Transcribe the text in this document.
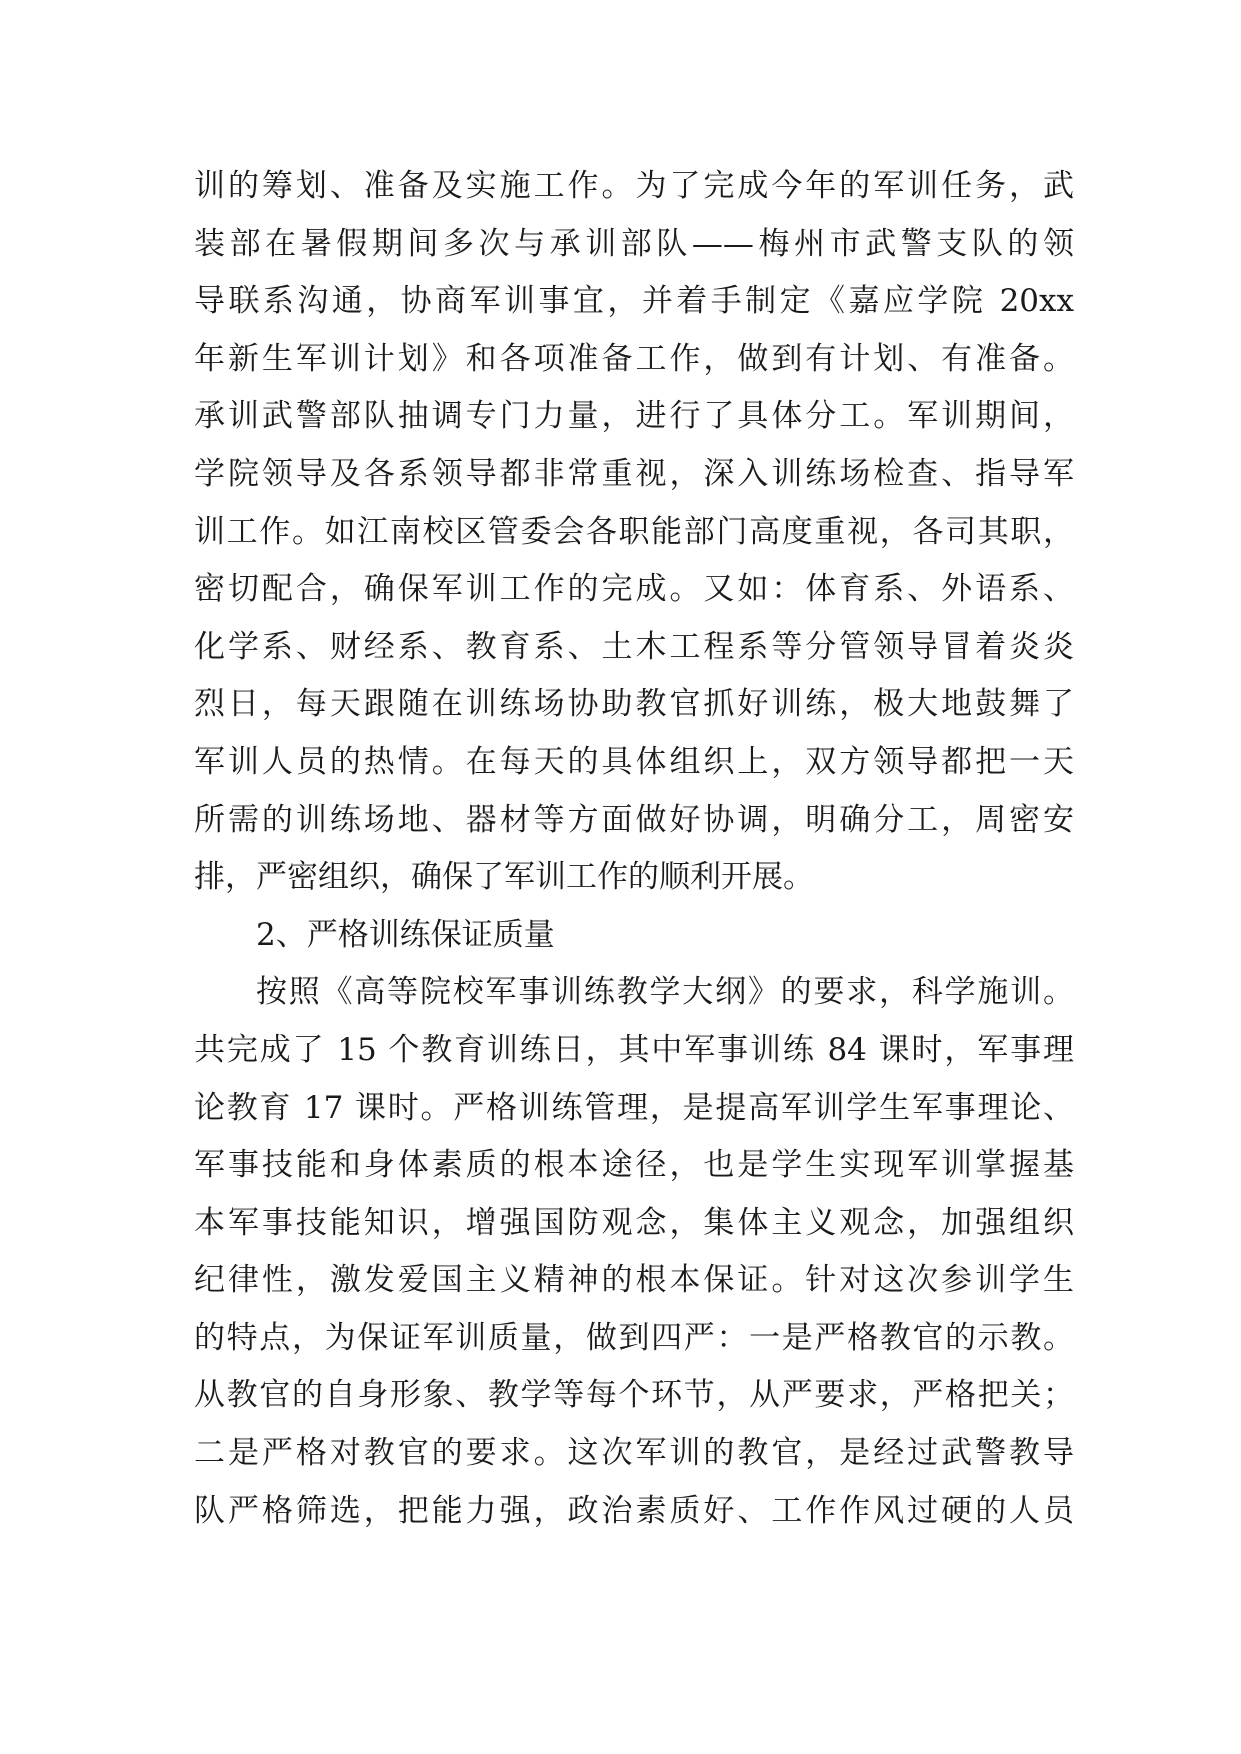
训的筹划、准备及实施工作。为了完成今年的军训任务，武
装部在暑假期间多次与承训部队——梅州市武警支队的领
导联系沟通，协商军训事宜，并着手制定《嘉应学院 20xx
年新生军训计划》和各项准备工作，做到有计划、有准备。
承训武警部队抽调专门力量，进行了具体分工。军训期间，
学院领导及各系领导都非常重视，深入训练场检查、指导军
训工作。如江南校区管委会各职能部门高度重视，各司其职，
密切配合，确保军训工作的完成。又如：体育系、外语系、
化学系、财经系、教育系、土木工程系等分管领导冒着炎炎
烈日，每天跟随在训练场协助教官抓好训练，极大地鼓舞了
军训人员的热情。在每天的具体组织上，双方领导都把一天
所需的训练场地、器材等方面做好协调，明确分工，周密安
排，严密组织，确保了军训工作的顺利开展。
2、严格训练保证质量
按照《高等院校军事训练教学大纲》的要求，科学施训。
共完成了 15 个教育训练日，其中军事训练 84 课时，军事理
论教育 17 课时。严格训练管理，是提高军训学生军事理论、
军事技能和身体素质的根本途径，也是学生实现军训掌握基
本军事技能知识，增强国防观念，集体主义观念，加强组织
纪律性，激发爱国主义精神的根本保证。针对这次参训学生
的特点，为保证军训质量，做到四严：一是严格教官的示教。
从教官的自身形象、教学等每个环节，从严要求，严格把关；
二是严格对教官的要求。这次军训的教官，是经过武警教导
队严格筛选，把能力强，政治素质好、工作作风过硬的人员
